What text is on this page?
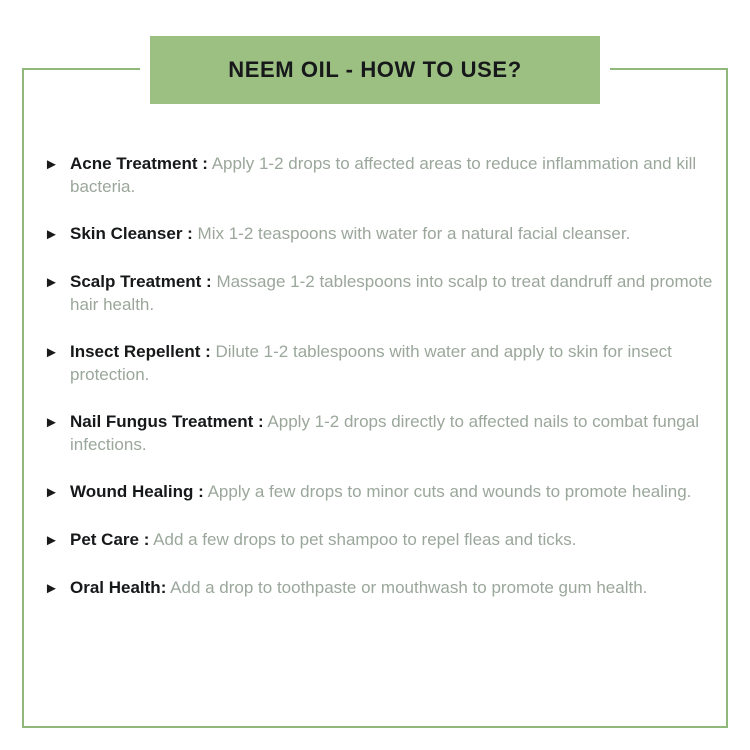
NEEM OIL - HOW TO USE?
► Acne Treatment : Apply 1-2 drops to affected areas to reduce inflammation and kill bacteria.
► Skin Cleanser : Mix 1-2 teaspoons with water for a natural facial cleanser.
► Scalp Treatment : Massage 1-2 tablespoons into scalp to treat dandruff and promote hair health.
► Insect Repellent : Dilute 1-2 tablespoons with water and apply to skin for insect protection.
► Nail Fungus Treatment : Apply 1-2 drops directly to affected nails to combat fungal infections.
► Wound Healing : Apply a few drops to minor cuts and wounds to promote healing.
► Pet Care : Add a few drops to pet shampoo to repel fleas and ticks.
► Oral Health: Add a drop to toothpaste or mouthwash to promote gum health.
